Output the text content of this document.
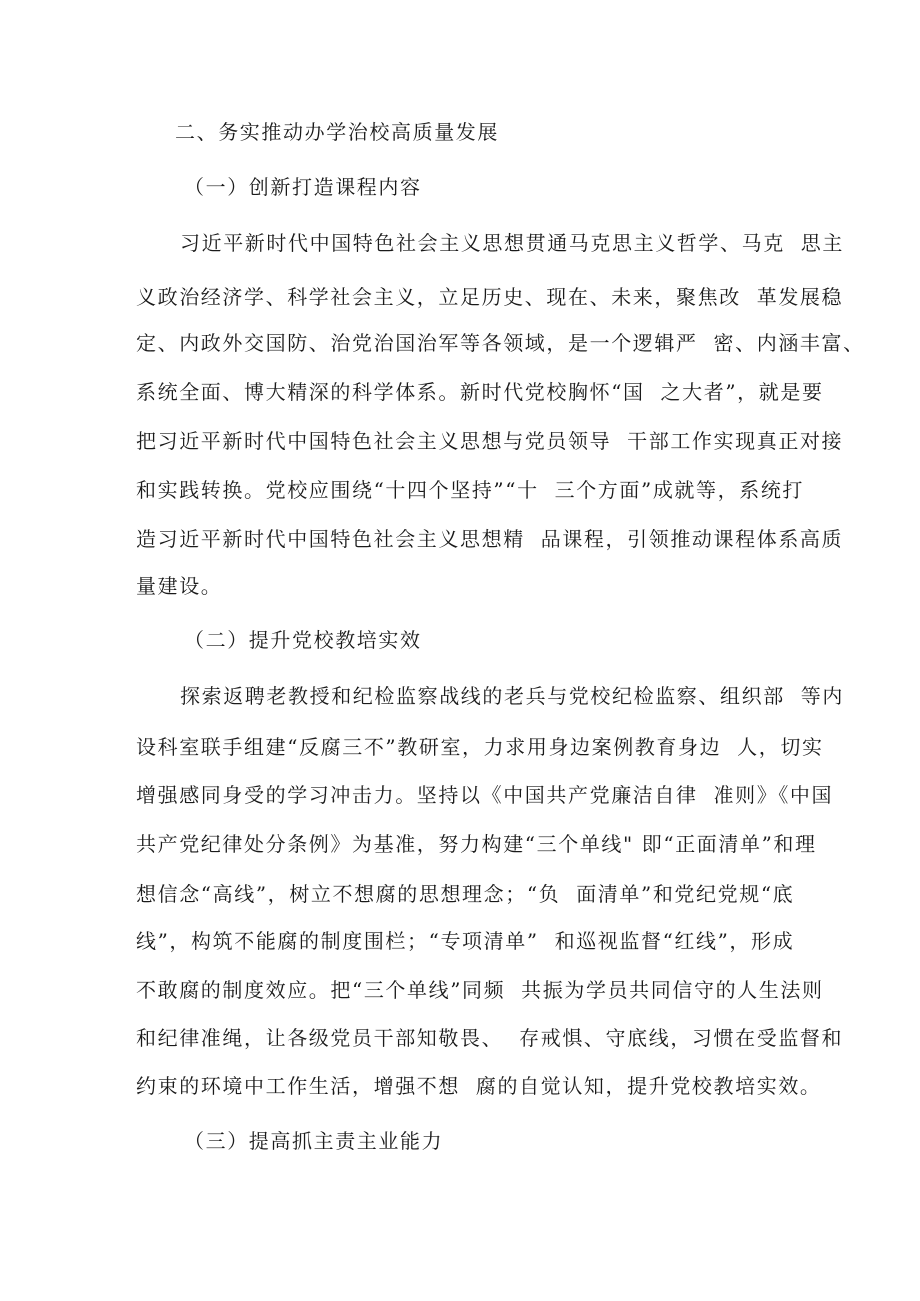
二、务实推动办学治校高质量发展
（一）创新打造课程内容
习近平新时代中国特色社会主义思想贯通马克思主义哲学、马克  思主
义政治经济学、科学社会主义，立足历史、现在、未来，聚焦改  革发展稳
定、内政外交国防、治党治国治军等各领域，是一个逻辑严  密、内涵丰富、
系统全面、博大精深的科学体系。新时代党校胸怀“国  之大者”，就是要
把习近平新时代中国特色社会主义思想与党员领导  干部工作实现真正对接
和实践转换。党校应围绕“十四个坚持”“十  三个方面”成就等，系统打
造习近平新时代中国特色社会主义思想精  品课程，引领推动课程体系高质
量建设。
（二）提升党校教培实效
探索返聘老教授和纪检监察战线的老兵与党校纪检监察、组织部  等内
设科室联手组建“反腐三不”教研室，力求用身边案例教育身边  人，切实
增强感同身受的学习冲击力。坚持以《中国共产党廉洁自律  准则》《中国
共产党纪律处分条例》为基准，努力构建“三个单线" 即“正面清单”和理
想信念“高线”，树立不想腐的思想理念；“负  面清单”和党纪党规“底
线”，构筑不能腐的制度围栏；“专项清单”  和巡视监督“红线”，形成
不敢腐的制度效应。把“三个单线”同频  共振为学员共同信守的人生法则
和纪律准绳，让各级党员干部知敬畏、  存戒惧、守底线，习惯在受监督和
约束的环境中工作生活，增强不想  腐的自觉认知，提升党校教培实效。
（三）提高抓主责主业能力
